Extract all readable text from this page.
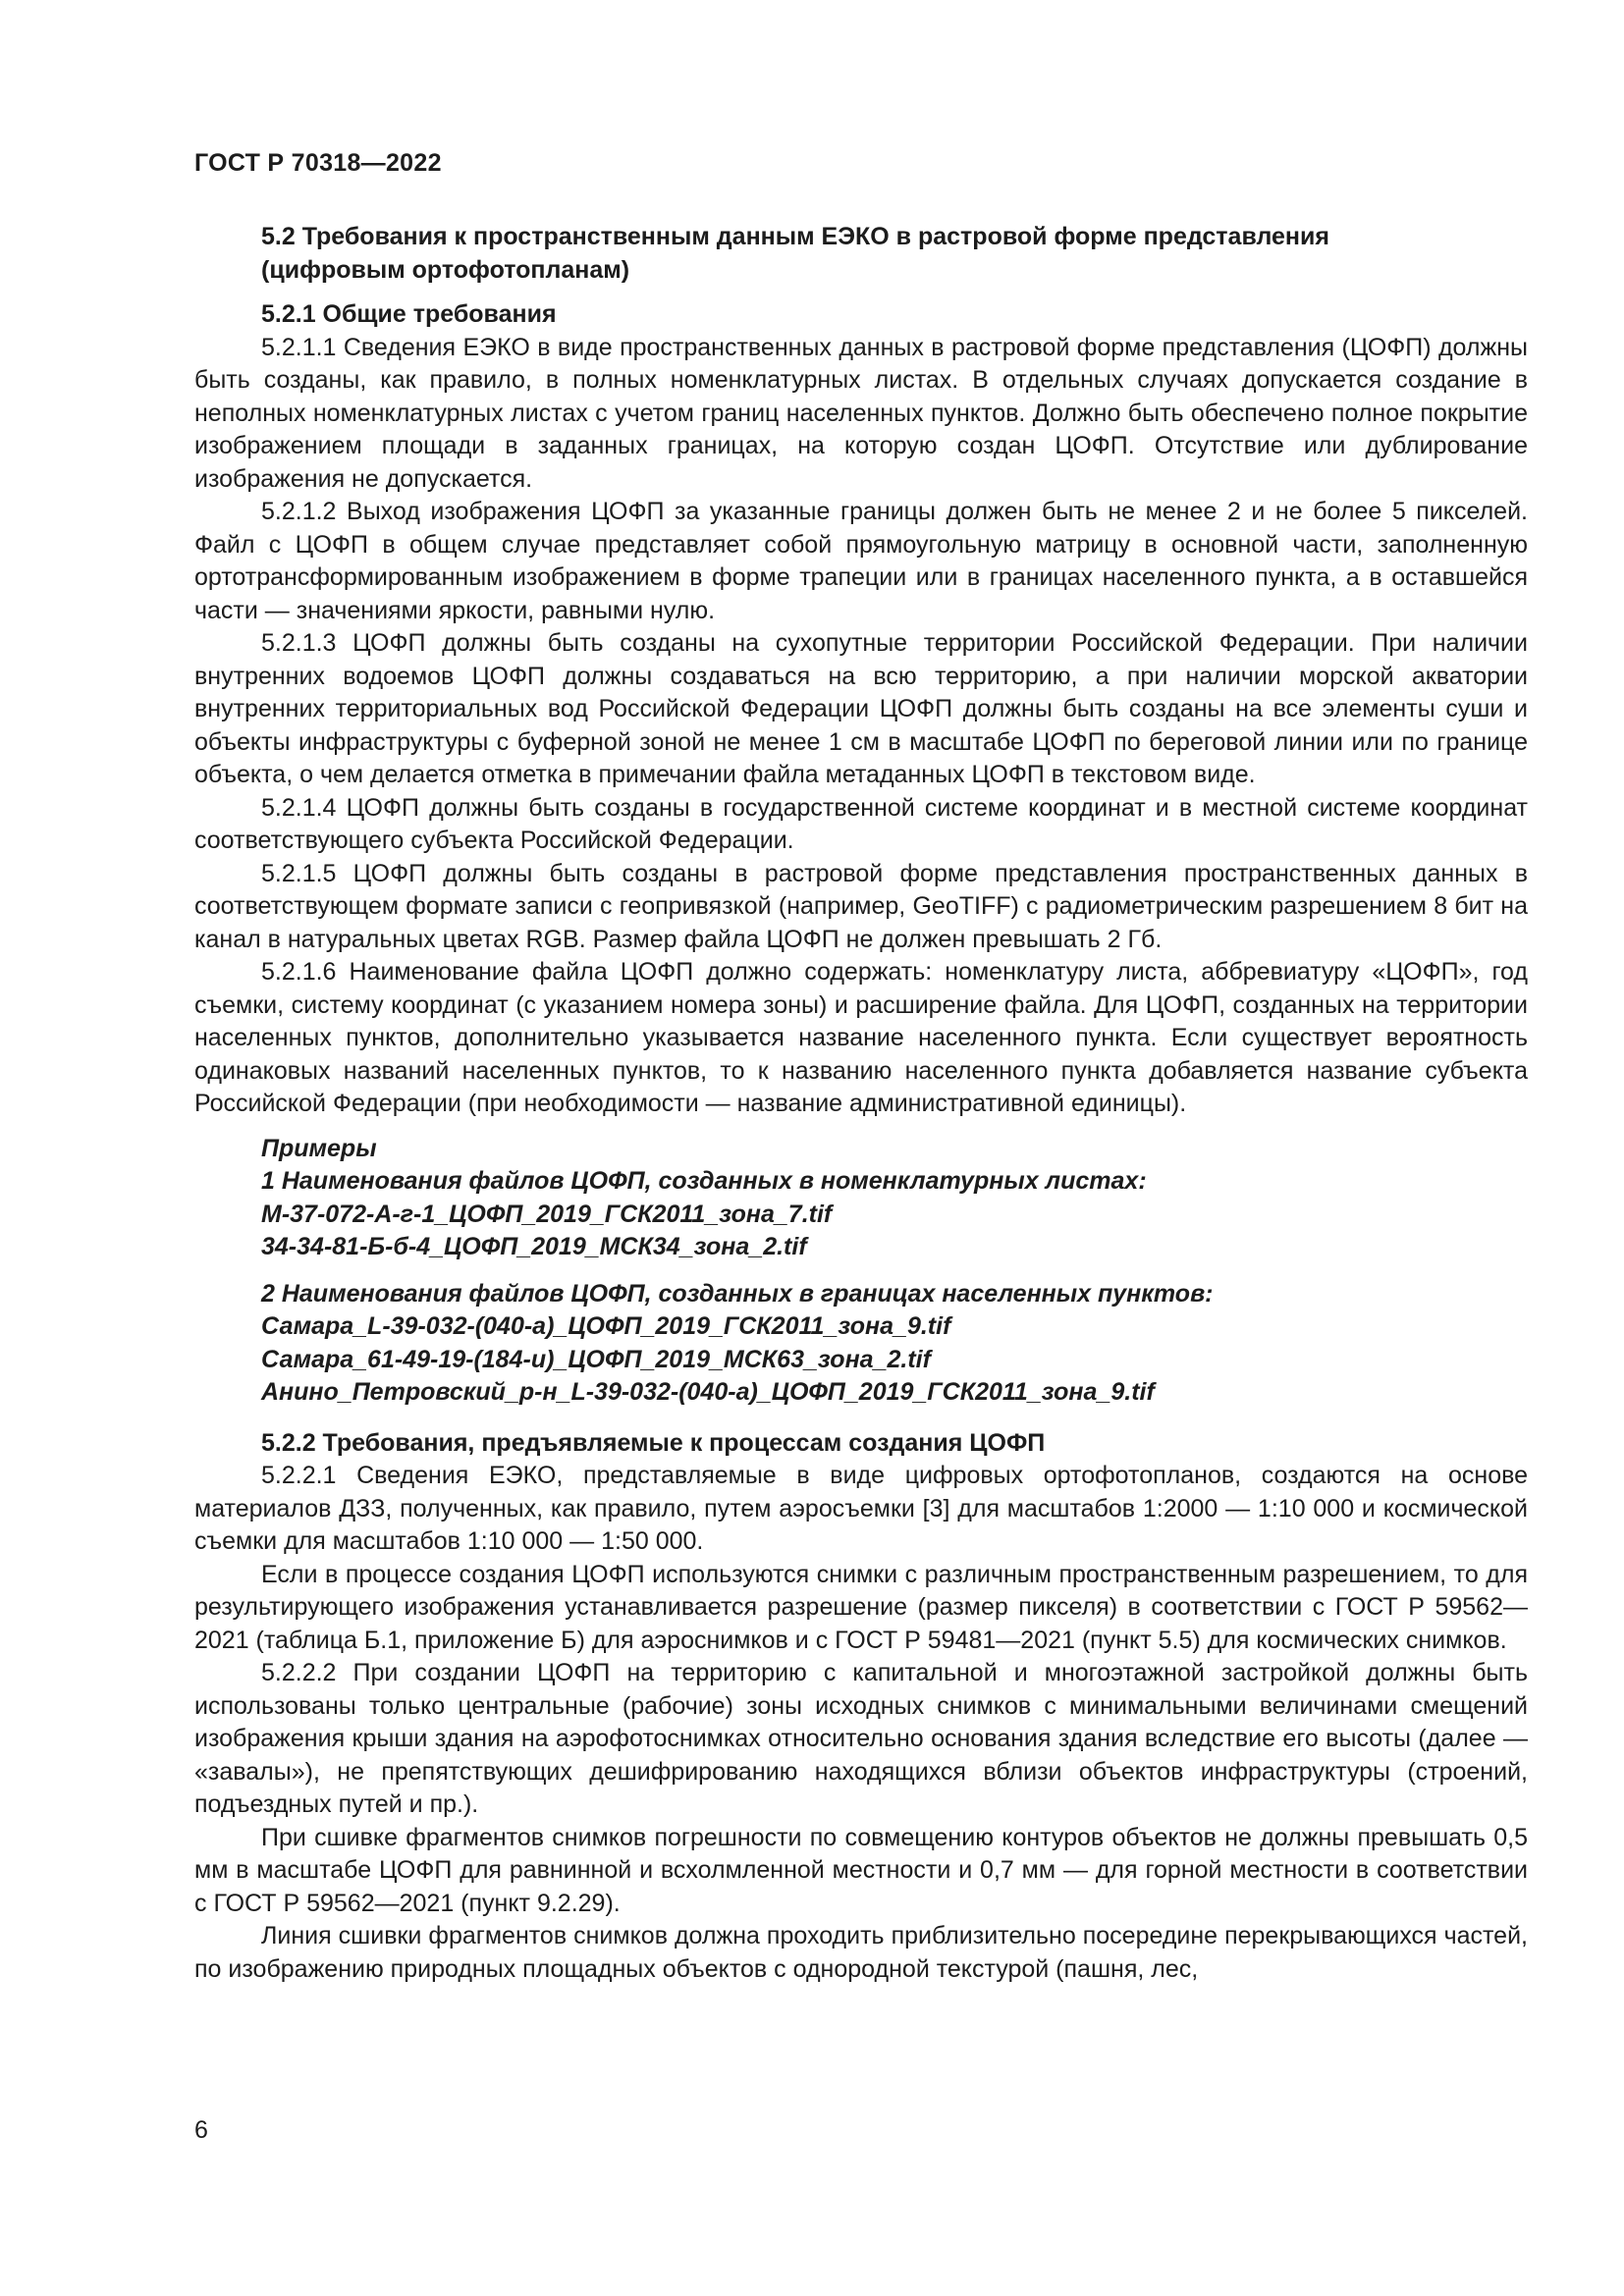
ГОСТ Р 70318—2022
5.2 Требования к пространственным данным ЕЭКО в растровой форме представления
(цифровым ортофотопланам)
5.2.1 Общие требования

5.2.1.1 Сведения ЕЭКО в виде пространственных данных в растровой форме представления (ЦОФП) должны быть созданы, как правило, в полных номенклатурных листах. В отдельных случаях допускается создание в неполных номенклатурных листах с учетом границ населенных пунктов. Должно быть обеспечено полное покрытие изображением площади в заданных границах, на которую создан ЦОФП. Отсутствие или дублирование изображения не допускается.

5.2.1.2 Выход изображения ЦОФП за указанные границы должен быть не менее 2 и не более 5 пикселей. Файл с ЦОФП в общем случае представляет собой прямоугольную матрицу в основной части, заполненную ортотрансформированным изображением в форме трапеции или в границах населенного пункта, а в оставшейся части — значениями яркости, равными нулю.

5.2.1.3 ЦОФП должны быть созданы на сухопутные территории Российской Федерации. При наличии внутренних водоемов ЦОФП должны создаваться на всю территорию, а при наличии морской акватории внутренних территориальных вод Российской Федерации ЦОФП должны быть созданы на все элементы суши и объекты инфраструктуры с буферной зоной не менее 1 см в масштабе ЦОФП по береговой линии или по границе объекта, о чем делается отметка в примечании файла метаданных ЦОФП в текстовом виде.

5.2.1.4 ЦОФП должны быть созданы в государственной системе координат и в местной системе координат соответствующего субъекта Российской Федерации.

5.2.1.5 ЦОФП должны быть созданы в растровой форме представления пространственных данных в соответствующем формате записи с геопривязкой (например, GeoTIFF) с радиометрическим разрешением 8 бит на канал в натуральных цветах RGB. Размер файла ЦОФП не должен превышать 2 Гб.

5.2.1.6 Наименование файла ЦОФП должно содержать: номенклатуру листа, аббревиатуру «ЦОФП», год съемки, систему координат (с указанием номера зоны) и расширение файла. Для ЦОФП, созданных на территории населенных пунктов, дополнительно указывается название населенного пункта. Если существует вероятность одинаковых названий населенных пунктов, то к названию населенного пункта добавляется название субъекта Российской Федерации (при необходимости — название административной единицы).

Примеры

1 Наименования файлов ЦОФП, созданных в номенклатурных листах:

М-37-072-А-г-1_ЦОФП_2019_ГСК2011_зона_7.tif

34-34-81-Б-б-4_ЦОФП_2019_МСК34_зона_2.tif

2 Наименования файлов ЦОФП, созданных в границах населенных пунктов:

Самара_L-39-032-(040-а)_ЦОФП_2019_ГСК2011_зона_9.tif

Самара_61-49-19-(184-и)_ЦОФП_2019_МСК63_зона_2.tif

Анино_Петровский_р-н_L-39-032-(040-а)_ЦОФП_2019_ГСК2011_зона_9.tif

5.2.2 Требования, предъявляемые к процессам создания ЦОФП

5.2.2.1 Сведения ЕЭКО, представляемые в виде цифровых ортофотопланов, создаются на основе материалов ДЗЗ, полученных, как правило, путем аэросъемки [3] для масштабов 1:2000 — 1:10 000 и космической съемки для масштабов 1:10 000 — 1:50 000.

Если в процессе создания ЦОФП используются снимки с различным пространственным разрешением, то для результирующего изображения устанавливается разрешение (размер пикселя) в соответствии с ГОСТ Р 59562—2021 (таблица Б.1, приложение Б) для аэроснимков и с ГОСТ Р 59481—2021 (пункт 5.5) для космических снимков.

5.2.2.2 При создании ЦОФП на территорию с капитальной и многоэтажной застройкой должны быть использованы только центральные (рабочие) зоны исходных снимков с минимальными величинами смещений изображения крыши здания на аэрофотоснимках относительно основания здания вследствие его высоты (далее — «завалы»), не препятствующих дешифрированию находящихся вблизи объектов инфраструктуры (строений, подъездных путей и пр.).

При сшивке фрагментов снимков погрешности по совмещению контуров объектов не должны превышать 0,5 мм в масштабе ЦОФП для равнинной и всхолмленной местности и 0,7 мм — для горной местности в соответствии с ГОСТ Р 59562—2021 (пункт 9.2.29).

Линия сшивки фрагментов снимков должна проходить приблизительно посередине перекрывающихся частей, по изображению природных площадных объектов с однородной текстурой (пашня, лес,

6
